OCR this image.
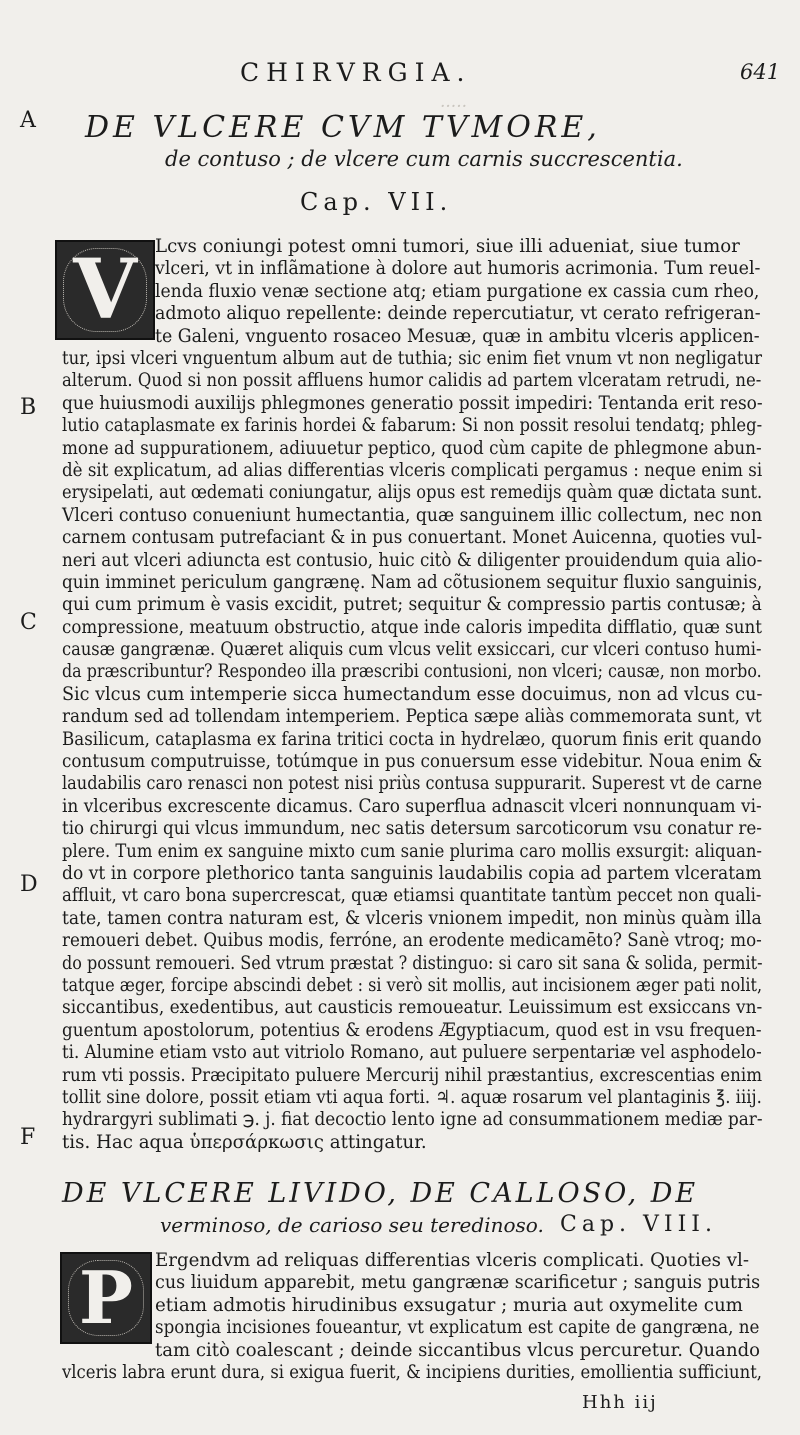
.....
CHIRVRGIA.	641
A
B
C
D
F
DE VLCERE CVM TVMORE,
de contuso ; de vlcere cum carnis succrescentia.
Cap. VII.
V Lcvs coniungi potest omni tumori, siue illi adueniat, siue tumor
vlceri, vt in inflãmatione à dolore aut humoris acrimonia. Tum reuel-
lenda fluxio venæ sectione atq; etiam purgatione ex cassia cum rheo,
admoto aliquo repellente: deinde repercutiatur, vt cerato refrigeran-
te Galeni, vnguento rosaceo Mesuæ, quæ in ambitu vlceris applicen-
tur, ipsi vlceri vnguentum album aut de tuthia; sic enim fiet vnum vt non negligatur
alterum. Quod si non possit affluens humor calidis ad partem vlceratam retrudi, ne-
que huiusmodi auxilijs phlegmones generatio possit impediri: Tentanda erit reso-
lutio cataplasmate ex farinis hordei & fabarum: Si non possit resolui tendatq; phleg-
mone ad suppurationem, adiuuetur peptico, quod cùm capite de phlegmone abun-
dè sit explicatum, ad alias differentias vlceris complicati pergamus : neque enim si
erysipelati, aut œdemati coniungatur, alijs opus est remedijs quàm quæ dictata sunt.
Vlceri contuso conueniunt humectantia, quæ sanguinem illic collectum, nec non
carnem contusam putrefaciant & in pus conuertant. Monet Auicenna, quoties vul-
neri aut vlceri adiuncta est contusio, huic citò & diligenter prouidendum quia alio-
quin imminet periculum gangrænę. Nam ad cõtusionem sequitur fluxio sanguinis,
qui cum primum è vasis excidit, putret; sequitur & compressio partis contusæ; à
compressione, meatuum obstructio, atque inde caloris impedita difflatio, quæ sunt
causæ gangrænæ. Quæret aliquis cum vlcus velit exsiccari, cur vlceri contuso humi-
da præscribuntur? Respondeo illa præscribi contusioni, non vlceri; causæ, non morbo.
Sic vlcus cum intemperie sicca humectandum esse docuimus, non ad vlcus cu-
randum sed ad tollendam intemperiem. Peptica sæpe aliàs commemorata sunt, vt
Basilicum, cataplasma ex farina tritici cocta in hydrelæo, quorum finis erit quando
contusum computruisse, totúmque in pus conuersum esse videbitur. Noua enim &
laudabilis caro renasci non potest nisi priùs contusa suppurarit. Superest vt de carne
in vlceribus excrescente dicamus. Caro superflua adnascit vlceri nonnunquam vi-
tio chirurgi qui vlcus immundum, nec satis detersum sarcoticorum vsu conatur re-
plere. Tum enim ex sanguine mixto cum sanie plurima caro mollis exsurgit: aliquan-
do vt in corpore plethorico tanta sanguinis laudabilis copia ad partem vlceratam
affluit, vt caro bona supercrescat, quæ etiamsi quantitate tantùm peccet non quali-
tate, tamen contra naturam est, & vlceris vnionem impedit, non minùs quàm illa
remoueri debet. Quibus modis, ferróne, an erodente medicamēto? Sanè vtroq; mo-
do possunt remoueri. Sed vtrum præstat ? distinguo: si caro sit sana & solida, permit-
tatque æger, forcipe abscindi debet : si verò sit mollis, aut incisionem æger pati nolit,
siccantibus, exedentibus, aut causticis remoueatur. Leuissimum est exsiccans vn-
guentum apostolorum, potentius & erodens Ægyptiacum, quod est in vsu frequen-
ti. Alumine etiam vsto aut vitriolo Romano, aut puluere serpentariæ vel asphodelo-
rum vti possis. Præcipitato puluere Mercurij nihil præstantius, excrescentias enim
tollit sine dolore, possit etiam vti aqua forti. ♃. aquæ rosarum vel plantaginis ℥. iiij.
hydrargyri sublimati ℈. j. fiat decoctio lento igne ad consummationem mediæ par-
tis. Hac aqua ὑπερσάρκωσις attingatur.
DE VLCERE LIVIDO, DE CALLOSO, DE
verminoso, de carioso seu teredinoso. Cap. VIII.
P Ergendvm ad reliquas differentias vlceris complicati. Quoties vl-
cus liuidum apparebit, metu gangrænæ scarificetur ; sanguis putris
etiam admotis hirudinibus exsugatur ; muria aut oxymelite cum
spongia incisiones foueantur, vt explicatum est capite de gangræna, ne
tam citò coalescant ; deinde siccantibus vlcus percuretur. Quando
vlceris labra erunt dura, si exigua fuerit, & incipiens durities, emollientia sufficiunt,
Hhh iij
